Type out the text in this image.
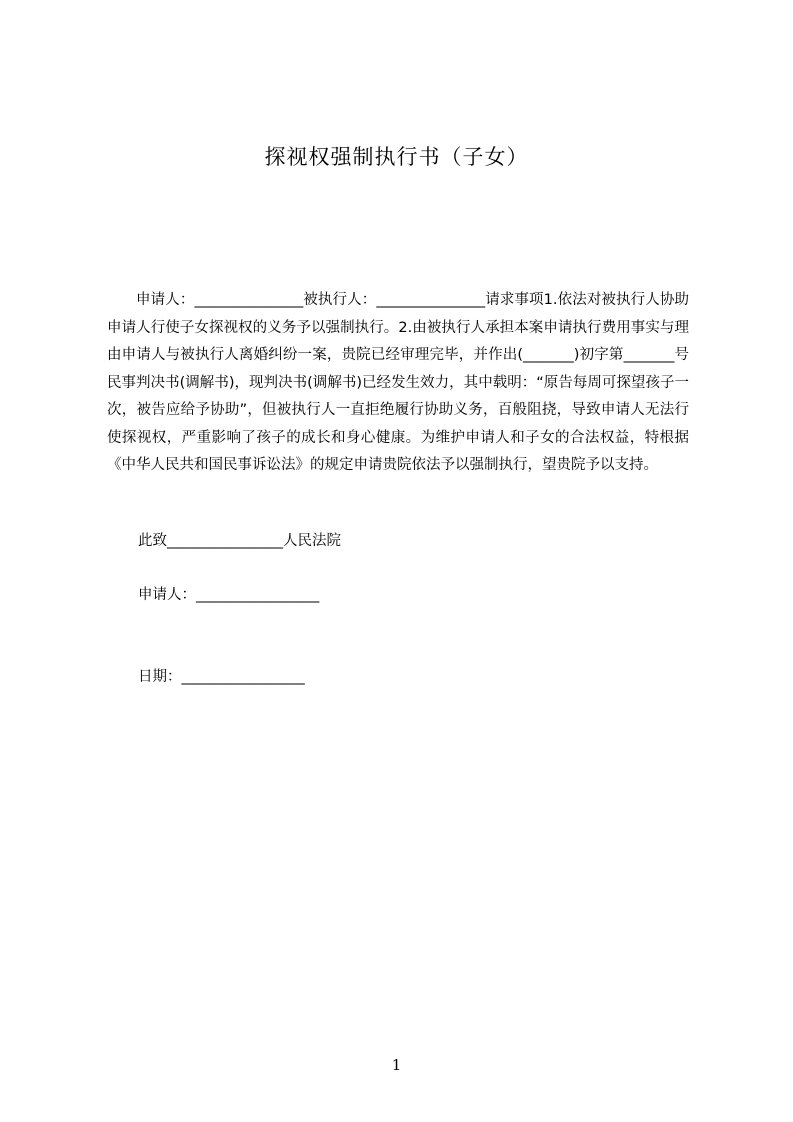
探视权强制执行书（子女）

申请人：_______________被执行人：_______________请求事项1.依法对被执行人协助申请人行使子女探视权的义务予以强制执行。2.由被执行人承担本案申请执行费用事实与理由申请人与被执行人离婚纠纷一案，贵院已经审理完毕，并作出(_______)初字第_______号民事判决书(调解书)，现判决书(调解书)已经发生效力，其中载明：“原告每周可探望孩子一次，被告应给予协助”，但被执行人一直拒绝履行协助义务，百般阻挠，导致申请人无法行使探视权，严重影响了孩子的成长和身心健康。为维护申请人和子女的合法权益，特根据《中华人民共和国民事诉讼法》的规定申请贵院依法予以强制执行，望贵院予以支持。

此致________________人民法院

申请人：_________________

日期：_________________

1
